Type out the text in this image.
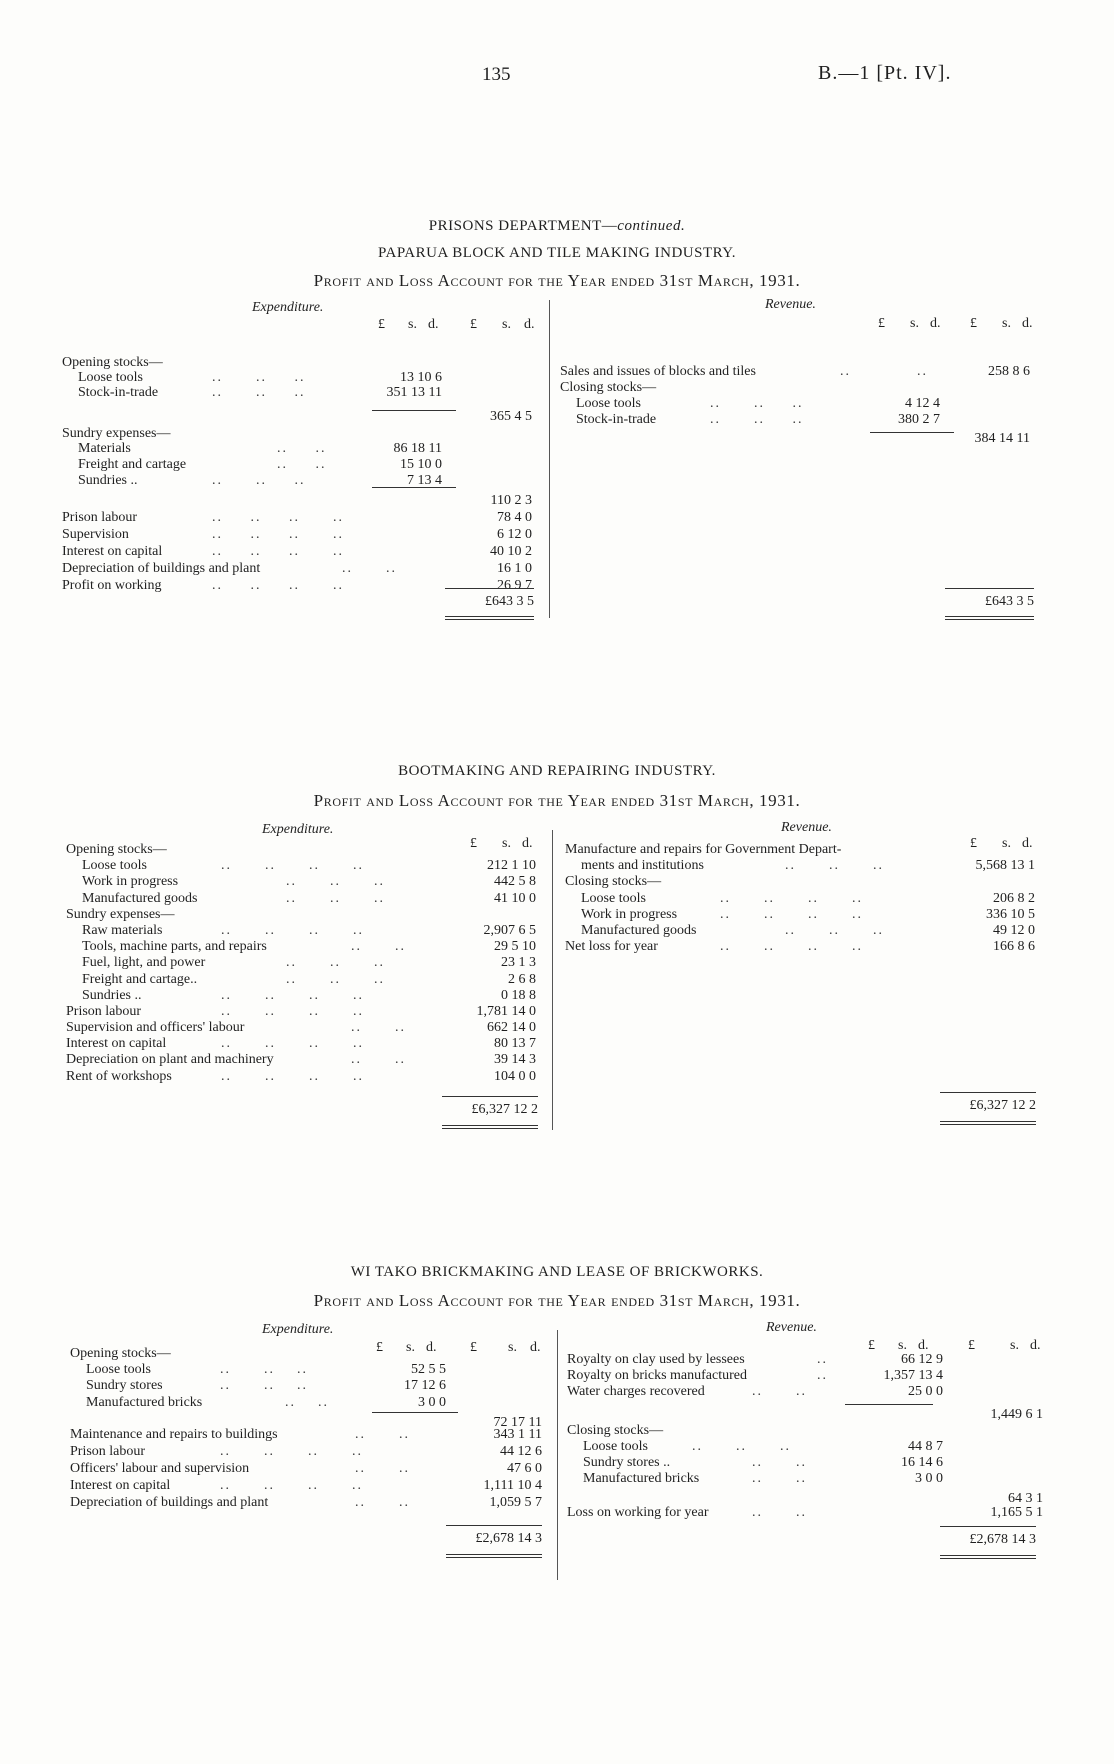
135	B.—1 [Pt. IV].
PRISONS DEPARTMENT—continued.
PAPARUA BLOCK AND TILE MAKING INDUSTRY.
Profit and Loss Account for the Year ended 31st March, 1931.
Expenditure.	Revenue.
£ s. d. £ s. d.	£ s. d. £ s. d.
Opening stocks—
Loose tools	..      ..     ..	13 10 6
Stock-in-trade	..      ..     ..	351 13 11
365 4 5
Sundry expenses—
Materials	..     ..	86 18 11
Freight and cartage	..     ..	15 10 0
Sundries ..	..      ..     ..	7 13 4
110 2 3
Prison labour	..     ..     ..      ..	78 4 0
Supervision	..     ..     ..      ..	6 12 0
Interest on capital	..     ..     ..      ..	40 10 2
Depreciation of buildings and plant	..      ..	16 1 0
Profit on working	..     ..     ..      ..	26 9 7
£643 3 5
Sales and issues of blocks and tiles	..            ..	258 8 6
Closing stocks—
Loose tools	..      ..     ..	4 12 4
Stock-in-trade	..      ..     ..	380 2 7
384 14 11
£643 3 5
BOOTMAKING AND REPAIRING INDUSTRY.
Profit and Loss Account for the Year ended 31st March, 1931.
Expenditure.	Revenue.
£ s. d.	£ s. d.
Opening stocks—
Loose tools	..      ..      ..      ..	212 1 10
Work in progress	..      ..      ..	442 5 8
Manufactured goods	..      ..      ..	41 10 0
Sundry expenses—
Raw materials	..      ..      ..      ..	2,907 6 5
Tools, machine parts, and repairs	..      ..	29 5 10
Fuel, light, and power	..      ..      ..	23 1 3
Freight and cartage..	..      ..      ..	2 6 8
Sundries ..	..      ..      ..      ..	0 18 8
Prison labour	..      ..      ..      ..	1,781 14 0
Supervision and officers' labour	..      ..	662 14 0
Interest on capital	..      ..      ..      ..	80 13 7
Depreciation on plant and machinery	..      ..	39 14 3
Rent of workshops	..      ..      ..      ..	104 0 0
£6,327 12 2
Manufacture and repairs for Government Depart-
ments and institutions	..      ..      ..	5,568 13 1
Closing stocks—
Loose tools	..      ..      ..      ..	206 8 2
Work in progress	..      ..      ..      ..	336 10 5
Manufactured goods	..      ..      ..	49 12 0
Net loss for year	..      ..      ..      ..	166 8 6
£6,327 12 2
WI TAKO BRICKMAKING AND LEASE OF BRICKWORKS.
Profit and Loss Account for the Year ended 31st March, 1931.
Expenditure.	Revenue.
£ s. d. £ s. d.	£ s. d.	£	s. d.
Opening stocks—
Loose tools	..      ..    ..	52 5 5
Sundry stores	..      ..    ..	17 12 6
Manufactured bricks	..    ..	3 0 0
72 17 11
Maintenance and repairs to buildings	..      ..	343 1 11
Prison labour	..      ..      ..      ..	44 12 6
Officers' labour and supervision	..      ..	47 6 0
Interest on capital	..      ..      ..      ..	1,111 10 4
Depreciation of buildings and plant	..      ..	1,059 5 7
£2,678 14 3
Royalty on clay used by lessees	..	66 12 9
Royalty on bricks manufactured	..	1,357 13 4
Water charges recovered	..      ..	25 0 0
1,449 6 1
Closing stocks—
Loose tools	..      ..      ..	44 8 7
Sundry stores ..	..      ..	16 14 6
Manufactured bricks	..      ..	3 0 0
64 3 1
Loss on working for year	..      ..	1,165 5 1
£2,678 14 3
